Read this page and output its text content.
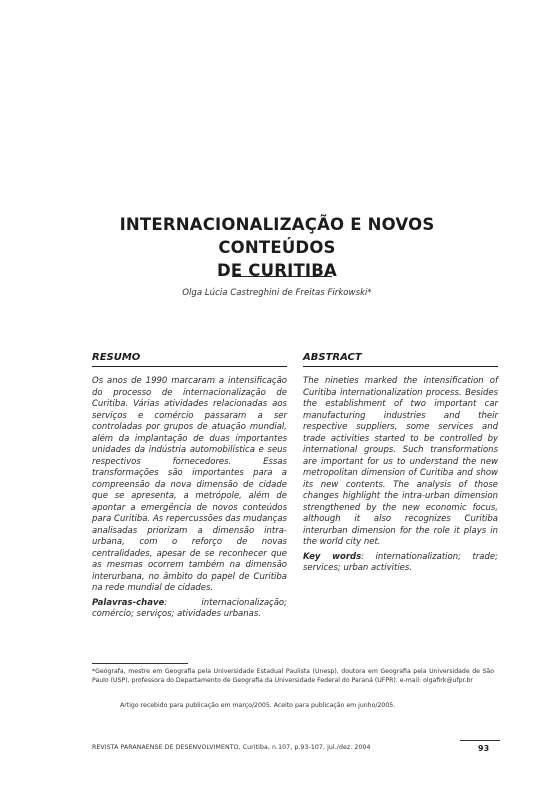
INTERNACIONALIZAÇÃO E NOVOS CONTEÚDOS
DE CURITIBA
Olga Lúcia Castreghini de Freitas Firkowski*
RESUMO

Os anos de 1990 marcaram a intensificação do processo de internacionalização de Curitiba. Várias atividades relacionadas aos serviços e comércio passaram a ser controladas por grupos de atuação mundial, além da implantação de duas importantes unidades da indústria automobilística e seus respectivos fornecedores. Essas transformações são importantes para a compreensão da nova dimensão de cidade que se apresenta, a metrópole, além de apontar a emergência de novos conteúdos para Curitiba. As repercussões das mudanças analisadas priorizam a dimensão intra-urbana, com o reforço de novas centralidades, apesar de se reconhecer que as mesmas ocorrem também na dimensão interurbana, no âmbito do papel de Curitiba na rede mundial de cidades.

Palavras-chave: internacionalização; comércio; serviços; atividades urbanas.

ABSTRACT

The nineties marked the intensification of Curitiba internationalization process. Besides the establishment of two important car manufacturing industries and their respective suppliers, some services and trade activities started to be controlled by international groups. Such transformations are important for us to understand the new metropolitan dimension of Curitiba and show its new contents. The analysis of those changes highlight the intra-urban dimension strengthened by the new economic focus, although it also recognizes Curitiba interurban dimension for the role it plays in the world city net.

Key words: internationalization; trade; services; urban activities.

*Geógrafa, mestre em Geografia pela Universidade Estadual Paulista (Unesp), doutora em Geografia pela Universidade de São Paulo (USP), professora do Departamento de Geografia da Universidade Federal do Paraná (UFPR). e-mail: olgafirk@ufpr.br
Artigo recebido para publicação em março/2005. Aceito para publicação em junho/2005.
REVISTA PARANAENSE DE DESENVOLVIMENTO, Curitiba, n.107, p.93-107, jul./dez. 2004	93
